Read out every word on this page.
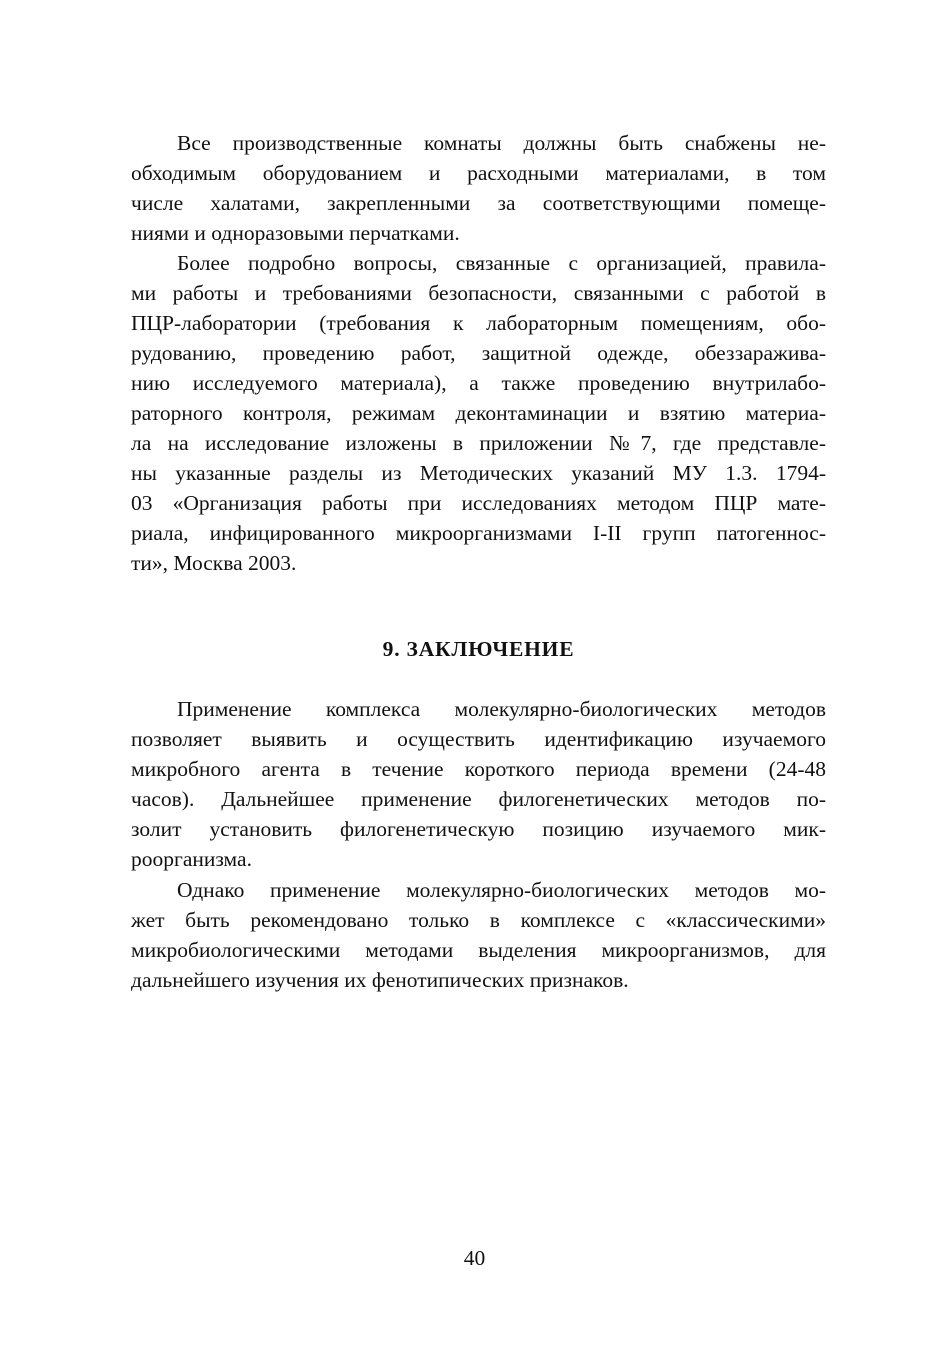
Все производственные комнаты должны быть снабжены не-
обходимым оборудованием и расходными материалами, в том
числе халатами, закрепленными за соответствующими помеще-
ниями и одноразовыми перчатками.
Более подробно вопросы, связанные с организацией, правила-
ми работы и требованиями безопасности, связанными с работой в
ПЦР-лаборатории (требования к лабораторным помещениям, обо-
рудованию, проведению работ, защитной одежде, обеззаражива-
нию исследуемого материала), а также проведению внутрилабо-
раторного контроля, режимам деконтаминации и взятию материа-
ла на исследование изложены в приложении №7, где представле-
ны указанные разделы из Методических указаний МУ 1.3. 1794-
03 «Организация работы при исследованиях методом ПЦР мате-
риала, инфицированного микроорганизмами I-II групп патогеннос-
ти», Москва 2003.
9. ЗАКЛЮЧЕНИЕ
Применение комплекса молекулярно-биологических методов
позволяет выявить и осуществить идентификацию изучаемого
микробного агента в течение короткого периода времени (24-48
часов). Дальнейшее применение филогенетических методов по-
золит установить филогенетическую позицию изучаемого мик-
роорганизма.
Однако применение молекулярно-биологических методов мо-
жет быть рекомендовано только в комплексе с «классическими»
микробиологическими методами выделения микроорганизмов, для
дальнейшего изучения их фенотипических признаков.
40
